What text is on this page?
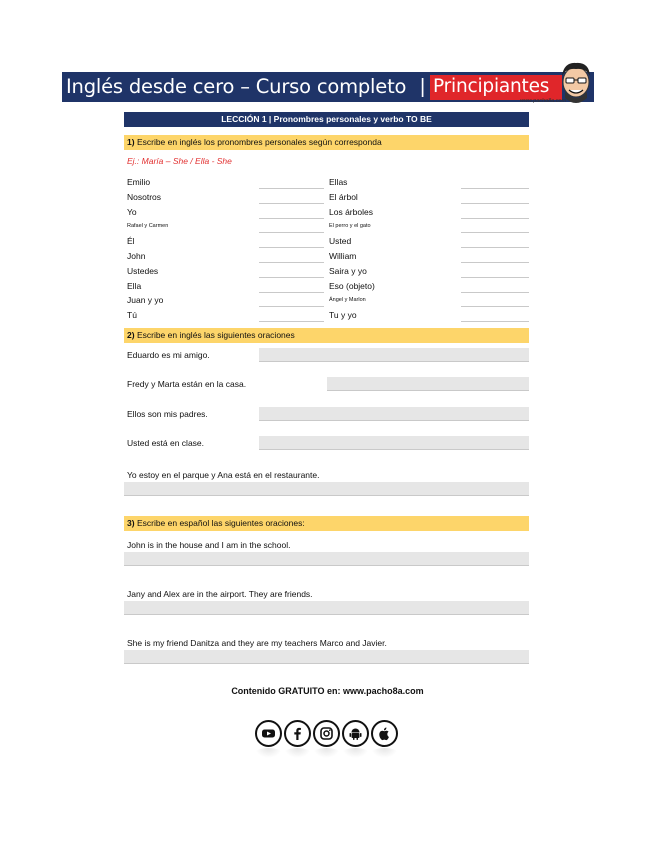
Inglés desde cero – Curso completo | Principiantes
www.pacho8a.com
LECCIÓN 1 | Pronombres personales y verbo TO BE
1) Escribe en inglés los pronombres personales según corresponda
Ej.: María – She / Ella - She
Emilio	Ellas
Nosotros	El árbol
Yo	Los árboles
Rafael y Carmen	El perro y el gato
Él	Usted
John	William
Ustedes	Saira y yo
Ella	Eso (objeto)
Juan y yo	Ángel y Marlon
Tú	Tu y yo
2) Escribe en inglés las siguientes oraciones
Eduardo es mi amigo.
Fredy y Marta están en la casa.
Ellos son mis padres.
Usted está en clase.
Yo estoy en el parque y Ana está en el restaurante.
3) Escribe en español las siguientes oraciones:
John is in the house and I am in the school.
Jany and Alex are in the airport. They are friends.
She is my friend Danitza and they are my teachers Marco and Javier.
Contenido GRATUITO en: www.pacho8a.com
